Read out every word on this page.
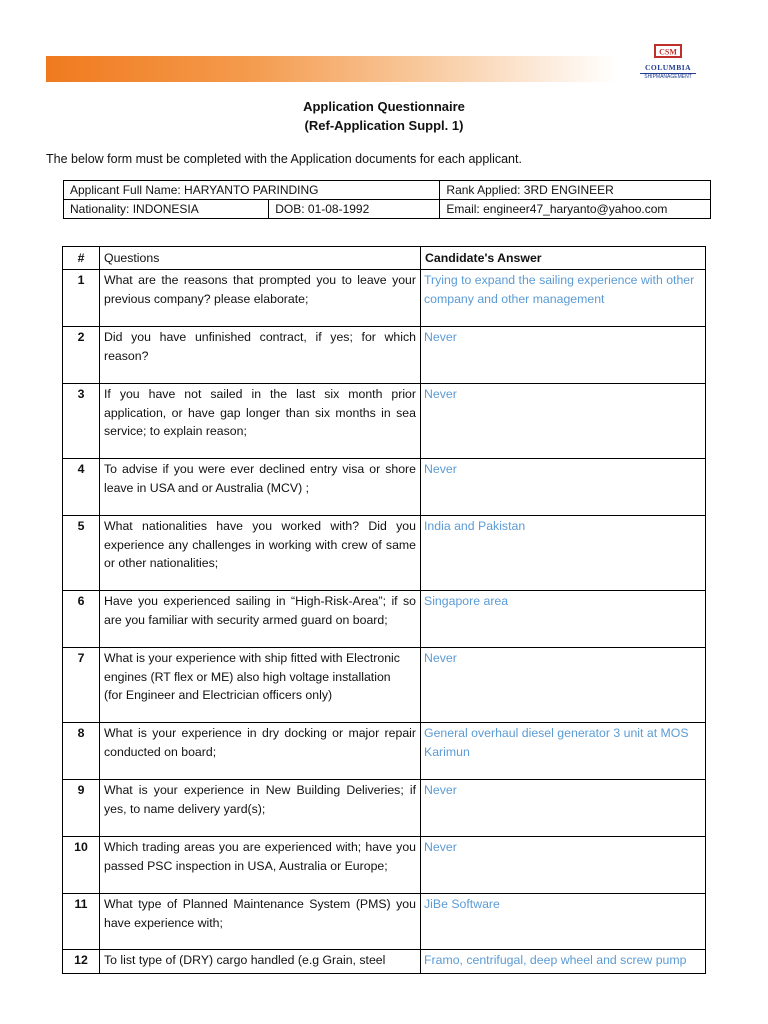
CSM
COLUMBIA
SHIPMANAGEMENT
Application Questionnaire
(Ref-Application Suppl. 1)
The below form must be completed with the Application documents for each applicant.
Applicant Full Name: HARYANTO PARINDING		Rank Applied: 3RD ENGINEER
Nationality: INDONESIA	DOB: 01-08-1992	Email: engineer47_haryanto@yahoo.com
#	Questions	Candidate's Answer
1	What are the reasons that prompted you to leave your previous company? please elaborate;	Trying to expand the sailing experience with other company and other management
2	Did you have unfinished contract, if yes; for which reason?	Never
3	If you have not sailed in the last six month prior application, or have gap longer than six months in sea service; to explain reason;	Never
4	To advise if you were ever declined entry visa or shore leave in USA and or Australia (MCV) ;	Never
5	What nationalities have you worked with? Did you experience any challenges in working with crew of same or other nationalities;	India and Pakistan
6	Have you experienced sailing in “High-Risk-Area”; if so are you familiar with security armed guard on board;	Singapore area
7	What is your experience with ship fitted with Electronic engines (RT flex or ME) also high voltage installation
(for Engineer and Electrician officers only)	Never
8	What is your experience in dry docking or major repair conducted on board;	General overhaul diesel generator 3 unit at MOS Karimun
9	What is your experience in New Building Deliveries; if yes, to name delivery yard(s);	Never
10	Which trading areas you are experienced with; have you passed PSC inspection in USA, Australia or Europe;	Never
11	What type of Planned Maintenance System (PMS) you have experience with;	JiBe Software
12	To list type of (DRY) cargo handled (e.g Grain, steel	Framo, centrifugal, deep wheel and screw pump
